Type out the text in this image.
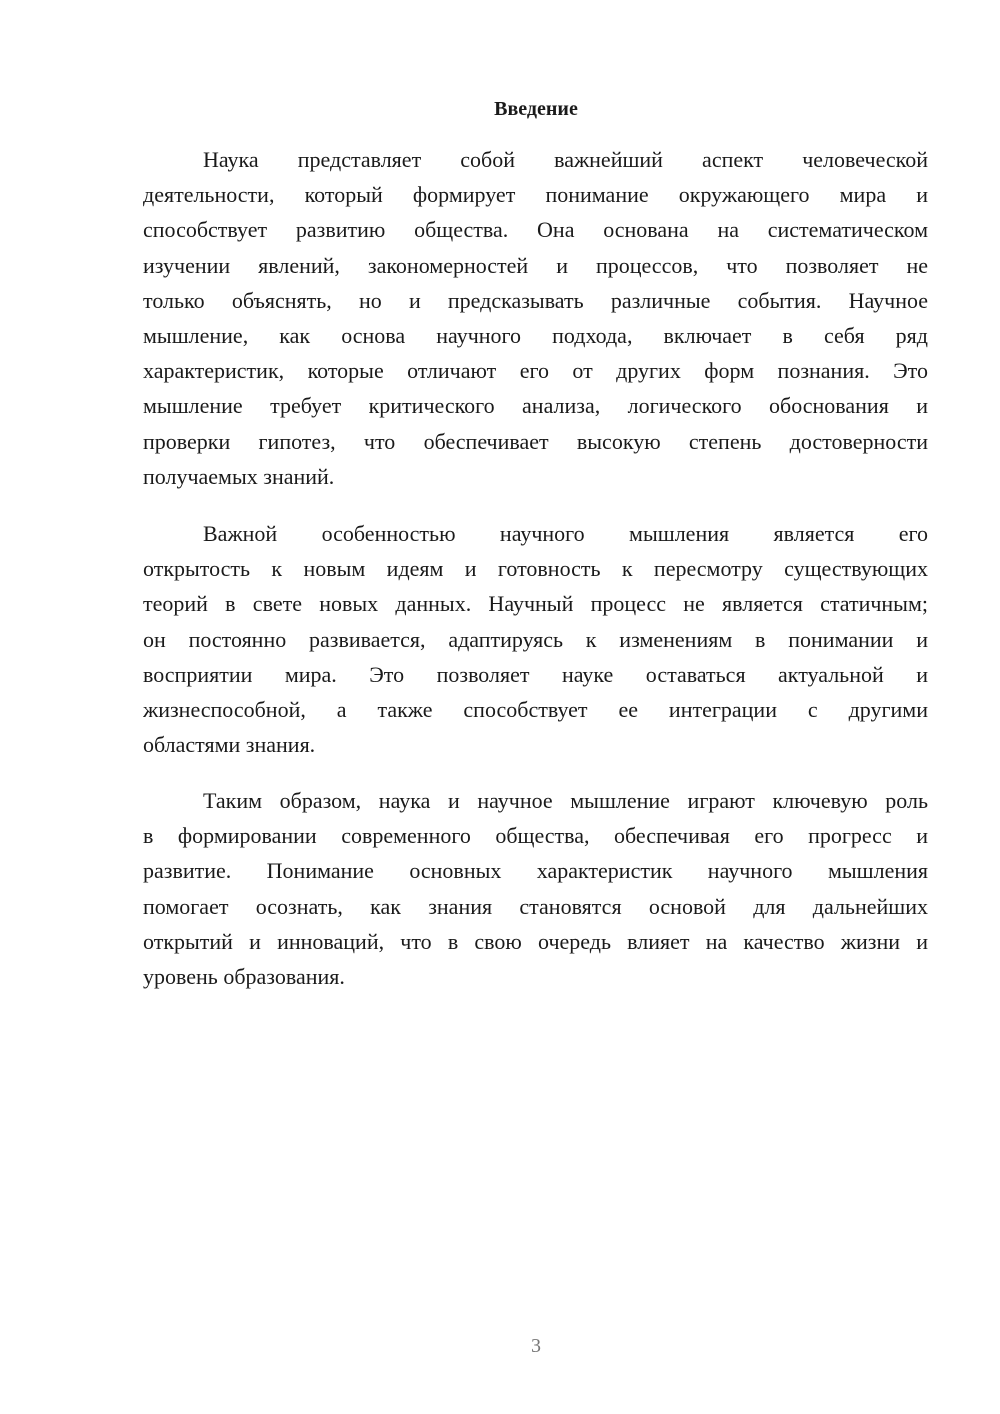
Введение
Наука представляет собой важнейший аспект человеческой
деятельности, который формирует понимание окружающего мира и
способствует развитию общества. Она основана на систематическом
изучении явлений, закономерностей и процессов, что позволяет не
только объяснять, но и предсказывать различные события. Научное
мышление, как основа научного подхода, включает в себя ряд
характеристик, которые отличают его от других форм познания. Это
мышление требует критического анализа, логического обоснования и
проверки гипотез, что обеспечивает высокую степень достоверности
получаемых знаний.
Важной особенностью научного мышления является его
открытость к новым идеям и готовность к пересмотру существующих
теорий в свете новых данных. Научный процесс не является статичным;
он постоянно развивается, адаптируясь к изменениям в понимании и
восприятии мира. Это позволяет науке оставаться актуальной и
жизнеспособной, а также способствует ее интеграции с другими
областями знания.
Таким образом, наука и научное мышление играют ключевую роль
в формировании современного общества, обеспечивая его прогресс и
развитие. Понимание основных характеристик научного мышления
помогает осознать, как знания становятся основой для дальнейших
открытий и инноваций, что в свою очередь влияет на качество жизни и
уровень образования.
3
